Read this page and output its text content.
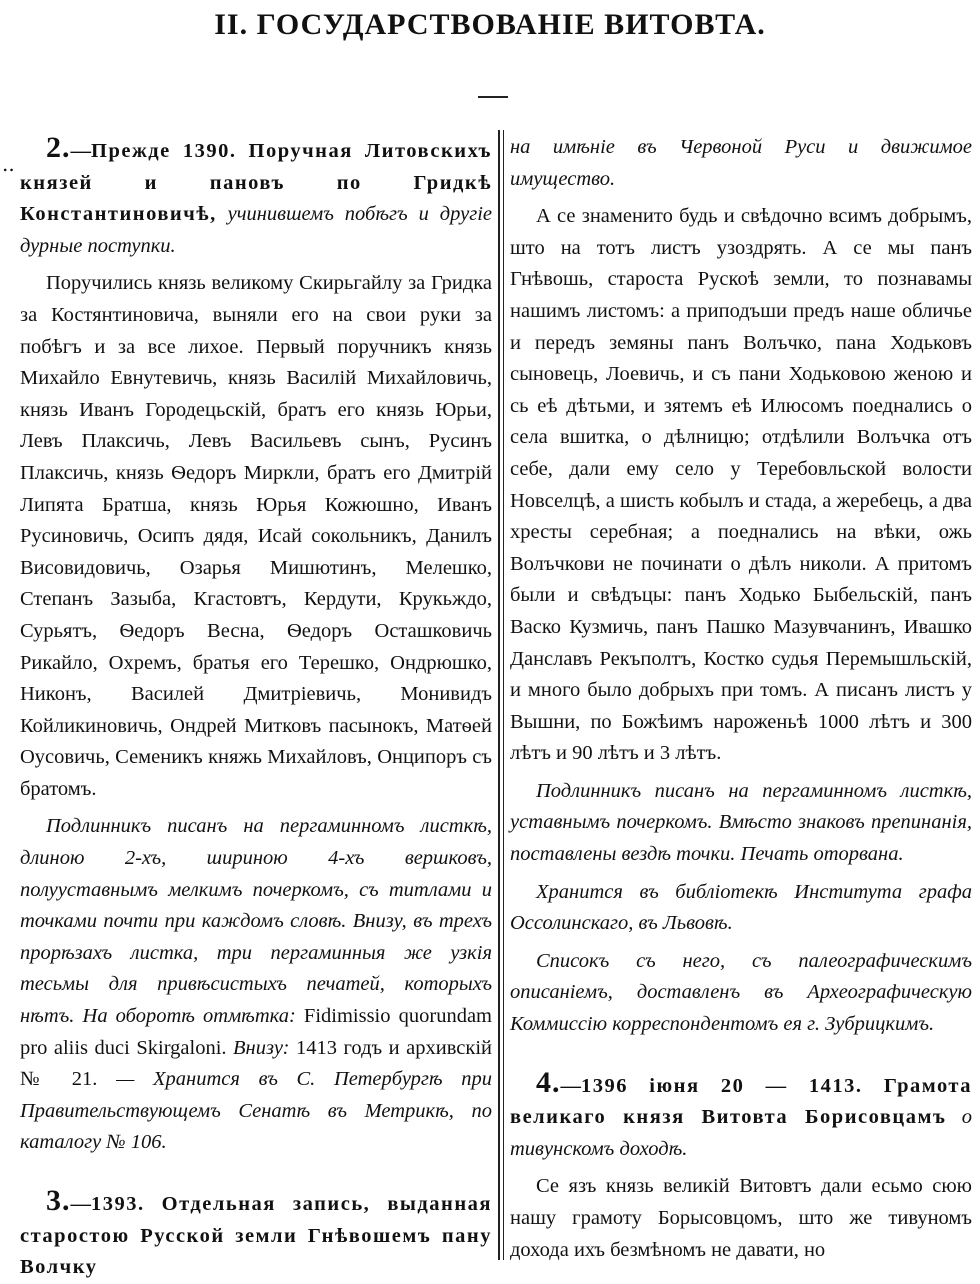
II. ГОСУДАРСТВОВАНІЕ ВИТОВТА.
..	2.—Прежде 1390. Поручная Литовскихъ князей и пановъ по Гридкѣ Константиновичѣ, учинившемъ побѣгъ и другіе дурные поступки.

Поручились князь великому Скирьгайлу за Гридка за Костянтиновича, выняли его на свои руки за побѣгъ и за все лихое. Первый поручникъ князь Михайло Евнутевичь, князь Василій Михайловичь, князь Иванъ Городецьскій, братъ его князь Юрьи, Левъ Плаксичь, Левъ Васильевъ сынъ, Русинъ Плаксичь, князь Ѳедоръ Миркли, братъ его Дмитрій Липята Братша, князь Юрья Кожюшно, Иванъ Русиновичь, Осипъ дядя, Исай сокольникъ, Данилъ Висовидовичь, Озарья Мишютинъ, Мелешко, Степанъ Зазыба, Кгастовтъ, Кердути, Крукьждо, Сурьятъ, Ѳедоръ Весна, Ѳедоръ Осташковичь Рикайло, Охремъ, братья его Терешко, Ондрюшко, Никонъ, Василей Дмитріевичь, Монивидъ Койликиновичь, Ондрей Митковъ пасынокъ, Матѳей Оусовичь, Семеникъ княжь Михайловъ, Онципоръ съ братомъ.

Подлинникъ писанъ на пергаминномъ листкѣ, длиною 2-хъ, шириною 4-хъ вершковъ, полууставнымъ мелкимъ почеркомъ, съ титлами и точками почти при каждомъ словѣ. Внизу, въ трехъ прорѣзахъ листка, три пергаминныя же узкія тесьмы для привѣсистыхъ печатей, которыхъ нѣтъ. На оборотѣ отмѣтка: Fidimissio quorundam pro aliis duci Skirgaloni. Внизу: 1413 годъ и архивскій № 21. — Хранится въ С. Петербургѣ при Правительствующемъ Сенатѣ въ Метрикѣ, по каталогу № 106.

3.—1393. Отдельная запись, выданная старостою Русской земли Гнѣвошемъ пану Волчку

на имѣніе въ Червоной Руси и движимое имущество.

А се знаменито будь и свѣдочно всимъ добрымъ, што на тотъ листъ узоздрять. А се мы панъ Гнѣвошь, староста Рускоѣ земли, то познавамы нашимъ листомъ: а приподъши предъ наше обличье и передъ земяны панъ Волъчко, пана Ходьковъ сыновець, Лоевичь, и съ пани Ходьковою женою и сь еѣ дѣтьми, и зятемъ еѣ Илюсомъ поеднались о села вшитка, о дѣлницю; отдѣлили Волъчка отъ себе, дали ему село у Теребовльской волости Новселцѣ, а шисть кобылъ и стада, а жеребець, а два хресты серебная; а поеднались на вѣки, ожь Волъчкови не починати о дѣлъ николи. А притомъ были и свѣдъцы: панъ Ходько Быбельскій, панъ Васко Кузмичь, панъ Пашко Мазувчанинъ, Ивашко Данславъ Рекъполтъ, Костко судья Перемышльскій, и много было добрыхъ при томъ. А писанъ листъ у Вышни, по Божѣимъ нароженьѣ 1000 лѣтъ и 300 лѣтъ и 90 лѣтъ и 3 лѣтъ.

Подлинникъ писанъ на пергаминномъ листкѣ, уставнымъ почеркомъ. Вмѣсто знаковъ препинанія, поставлены вездѣ точки. Печать оторвана.

Хранится въ библіотекѣ Института графа Оссолинскаго, въ Львовѣ.

Списокъ съ него, съ палеографическимъ описаніемъ, доставленъ въ Археографическую Коммиссію корреспондентомъ ея г. Зубрицкимъ.

4.—1396 іюня 20 — 1413. Грамота великаго князя Витовта Борисовцамъ о тивунскомъ доходѣ.

Се язъ князь великій Витовтъ дали есьмо сюю нашу грамоту Борысовцомъ, што же тивуномъ дохода ихъ безмѣномъ не давати, но
